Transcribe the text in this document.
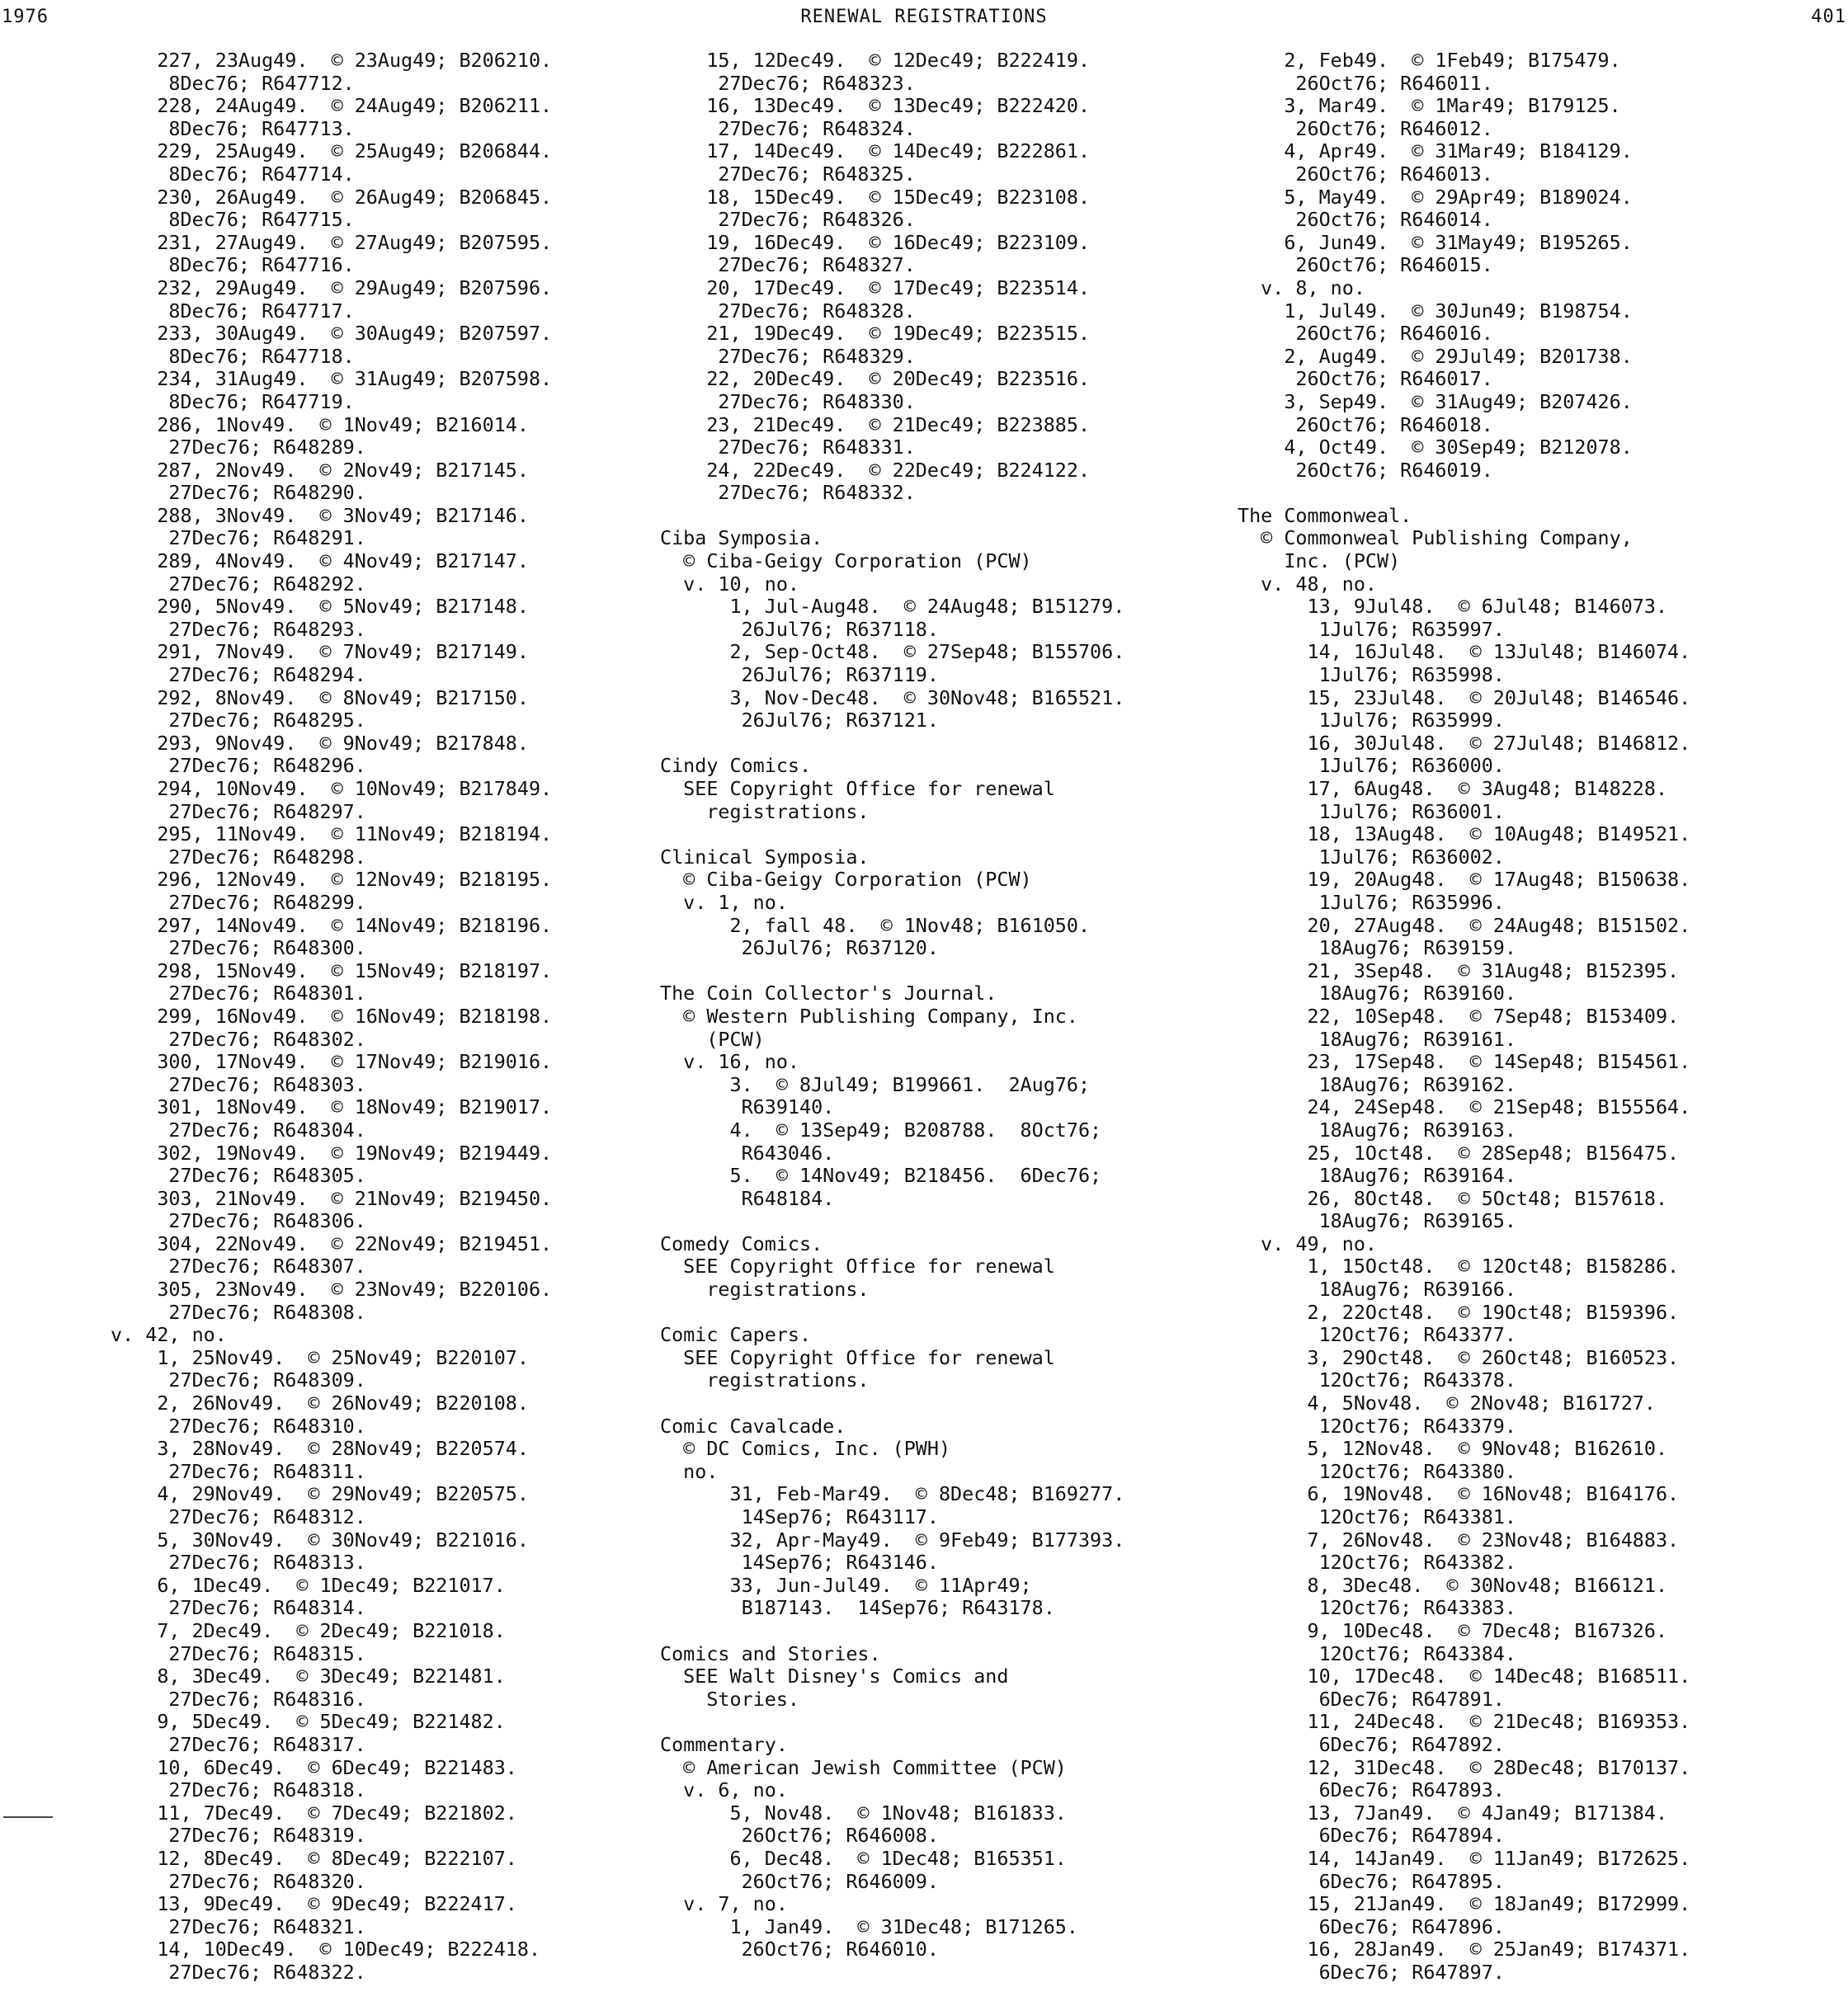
1976	RENEWAL REGISTRATIONS	401
227, 23Aug49.  © 23Aug49; B206210.
8Dec76; R647712.
228, 24Aug49.  © 24Aug49; B206211.
8Dec76; R647713.
229, 25Aug49.  © 25Aug49; B206844.
8Dec76; R647714.
230, 26Aug49.  © 26Aug49; B206845.
8Dec76; R647715.
231, 27Aug49.  © 27Aug49; B207595.
8Dec76; R647716.
232, 29Aug49.  © 29Aug49; B207596.
8Dec76; R647717.
233, 30Aug49.  © 30Aug49; B207597.
8Dec76; R647718.
234, 31Aug49.  © 31Aug49; B207598.
8Dec76; R647719.
286, 1Nov49.  © 1Nov49; B216014.
27Dec76; R648289.
287, 2Nov49.  © 2Nov49; B217145.
27Dec76; R648290.
288, 3Nov49.  © 3Nov49; B217146.
27Dec76; R648291.
289, 4Nov49.  © 4Nov49; B217147.
27Dec76; R648292.
290, 5Nov49.  © 5Nov49; B217148.
27Dec76; R648293.
291, 7Nov49.  © 7Nov49; B217149.
27Dec76; R648294.
292, 8Nov49.  © 8Nov49; B217150.
27Dec76; R648295.
293, 9Nov49.  © 9Nov49; B217848.
27Dec76; R648296.
294, 10Nov49.  © 10Nov49; B217849.
27Dec76; R648297.
295, 11Nov49.  © 11Nov49; B218194.
27Dec76; R648298.
296, 12Nov49.  © 12Nov49; B218195.
27Dec76; R648299.
297, 14Nov49.  © 14Nov49; B218196.
27Dec76; R648300.
298, 15Nov49.  © 15Nov49; B218197.
27Dec76; R648301.
299, 16Nov49.  © 16Nov49; B218198.
27Dec76; R648302.
300, 17Nov49.  © 17Nov49; B219016.
27Dec76; R648303.
301, 18Nov49.  © 18Nov49; B219017.
27Dec76; R648304.
302, 19Nov49.  © 19Nov49; B219449.
27Dec76; R648305.
303, 21Nov49.  © 21Nov49; B219450.
27Dec76; R648306.
304, 22Nov49.  © 22Nov49; B219451.
27Dec76; R648307.
305, 23Nov49.  © 23Nov49; B220106.
27Dec76; R648308.
v. 42, no.
1, 25Nov49.  © 25Nov49; B220107.
27Dec76; R648309.
2, 26Nov49.  © 26Nov49; B220108.
27Dec76; R648310.
3, 28Nov49.  © 28Nov49; B220574.
27Dec76; R648311.
4, 29Nov49.  © 29Nov49; B220575.
27Dec76; R648312.
5, 30Nov49.  © 30Nov49; B221016.
27Dec76; R648313.
6, 1Dec49.  © 1Dec49; B221017.
27Dec76; R648314.
7, 2Dec49.  © 2Dec49; B221018.
27Dec76; R648315.
8, 3Dec49.  © 3Dec49; B221481.
27Dec76; R648316.
9, 5Dec49.  © 5Dec49; B221482.
27Dec76; R648317.
10, 6Dec49.  © 6Dec49; B221483.
27Dec76; R648318.
11, 7Dec49.  © 7Dec49; B221802.
27Dec76; R648319.
12, 8Dec49.  © 8Dec49; B222107.
27Dec76; R648320.
13, 9Dec49.  © 9Dec49; B222417.
27Dec76; R648321.
14, 10Dec49.  © 10Dec49; B222418.
27Dec76; R648322.
15, 12Dec49.  © 12Dec49; B222419.
27Dec76; R648323.
16, 13Dec49.  © 13Dec49; B222420.
27Dec76; R648324.
17, 14Dec49.  © 14Dec49; B222861.
27Dec76; R648325.
18, 15Dec49.  © 15Dec49; B223108.
27Dec76; R648326.
19, 16Dec49.  © 16Dec49; B223109.
27Dec76; R648327.
20, 17Dec49.  © 17Dec49; B223514.
27Dec76; R648328.
21, 19Dec49.  © 19Dec49; B223515.
27Dec76; R648329.
22, 20Dec49.  © 20Dec49; B223516.
27Dec76; R648330.
23, 21Dec49.  © 21Dec49; B223885.
27Dec76; R648331.
24, 22Dec49.  © 22Dec49; B224122.
27Dec76; R648332.
Ciba Symposia.
© Ciba-Geigy Corporation (PCW)
v. 10, no.
1, Jul-Aug48.  © 24Aug48; B151279.
26Jul76; R637118.
2, Sep-Oct48.  © 27Sep48; B155706.
26Jul76; R637119.
3, Nov-Dec48.  © 30Nov48; B165521.
26Jul76; R637121.
Cindy Comics.
SEE Copyright Office for renewal
registrations.
Clinical Symposia.
© Ciba-Geigy Corporation (PCW)
v. 1, no.
2, fall 48.  © 1Nov48; B161050.
26Jul76; R637120.
The Coin Collector's Journal.
© Western Publishing Company, Inc.
(PCW)
v. 16, no.
3.  © 8Jul49; B199661.  2Aug76;
R639140.
4.  © 13Sep49; B208788.  8Oct76;
R643046.
5.  © 14Nov49; B218456.  6Dec76;
R648184.
Comedy Comics.
SEE Copyright Office for renewal
registrations.
Comic Capers.
SEE Copyright Office for renewal
registrations.
Comic Cavalcade.
© DC Comics, Inc. (PWH)
no.
31, Feb-Mar49.  © 8Dec48; B169277.
14Sep76; R643117.
32, Apr-May49.  © 9Feb49; B177393.
14Sep76; R643146.
33, Jun-Jul49.  © 11Apr49;
B187143.  14Sep76; R643178.
Comics and Stories.
SEE Walt Disney's Comics and
Stories.
Commentary.
© American Jewish Committee (PCW)
v. 6, no.
5, Nov48.  © 1Nov48; B161833.
26Oct76; R646008.
6, Dec48.  © 1Dec48; B165351.
26Oct76; R646009.
v. 7, no.
1, Jan49.  © 31Dec48; B171265.
26Oct76; R646010.
2, Feb49.  © 1Feb49; B175479.
26Oct76; R646011.
3, Mar49.  © 1Mar49; B179125.
26Oct76; R646012.
4, Apr49.  © 31Mar49; B184129.
26Oct76; R646013.
5, May49.  © 29Apr49; B189024.
26Oct76; R646014.
6, Jun49.  © 31May49; B195265.
26Oct76; R646015.
v. 8, no.
1, Jul49.  © 30Jun49; B198754.
26Oct76; R646016.
2, Aug49.  © 29Jul49; B201738.
26Oct76; R646017.
3, Sep49.  © 31Aug49; B207426.
26Oct76; R646018.
4, Oct49.  © 30Sep49; B212078.
26Oct76; R646019.
The Commonweal.
© Commonweal Publishing Company,
Inc. (PCW)
v. 48, no.
13, 9Jul48.  © 6Jul48; B146073.
1Jul76; R635997.
14, 16Jul48.  © 13Jul48; B146074.
1Jul76; R635998.
15, 23Jul48.  © 20Jul48; B146546.
1Jul76; R635999.
16, 30Jul48.  © 27Jul48; B146812.
1Jul76; R636000.
17, 6Aug48.  © 3Aug48; B148228.
1Jul76; R636001.
18, 13Aug48.  © 10Aug48; B149521.
1Jul76; R636002.
19, 20Aug48.  © 17Aug48; B150638.
1Jul76; R635996.
20, 27Aug48.  © 24Aug48; B151502.
18Aug76; R639159.
21, 3Sep48.  © 31Aug48; B152395.
18Aug76; R639160.
22, 10Sep48.  © 7Sep48; B153409.
18Aug76; R639161.
23, 17Sep48.  © 14Sep48; B154561.
18Aug76; R639162.
24, 24Sep48.  © 21Sep48; B155564.
18Aug76; R639163.
25, 1Oct48.  © 28Sep48; B156475.
18Aug76; R639164.
26, 8Oct48.  © 5Oct48; B157618.
18Aug76; R639165.
v. 49, no.
1, 15Oct48.  © 12Oct48; B158286.
18Aug76; R639166.
2, 22Oct48.  © 19Oct48; B159396.
12Oct76; R643377.
3, 29Oct48.  © 26Oct48; B160523.
12Oct76; R643378.
4, 5Nov48.  © 2Nov48; B161727.
12Oct76; R643379.
5, 12Nov48.  © 9Nov48; B162610.
12Oct76; R643380.
6, 19Nov48.  © 16Nov48; B164176.
12Oct76; R643381.
7, 26Nov48.  © 23Nov48; B164883.
12Oct76; R643382.
8, 3Dec48.  © 30Nov48; B166121.
12Oct76; R643383.
9, 10Dec48.  © 7Dec48; B167326.
12Oct76; R643384.
10, 17Dec48.  © 14Dec48; B168511.
6Dec76; R647891.
11, 24Dec48.  © 21Dec48; B169353.
6Dec76; R647892.
12, 31Dec48.  © 28Dec48; B170137.
6Dec76; R647893.
13, 7Jan49.  © 4Jan49; B171384.
6Dec76; R647894.
14, 14Jan49.  © 11Jan49; B172625.
6Dec76; R647895.
15, 21Jan49.  © 18Jan49; B172999.
6Dec76; R647896.
16, 28Jan49.  © 25Jan49; B174371.
6Dec76; R647897.
